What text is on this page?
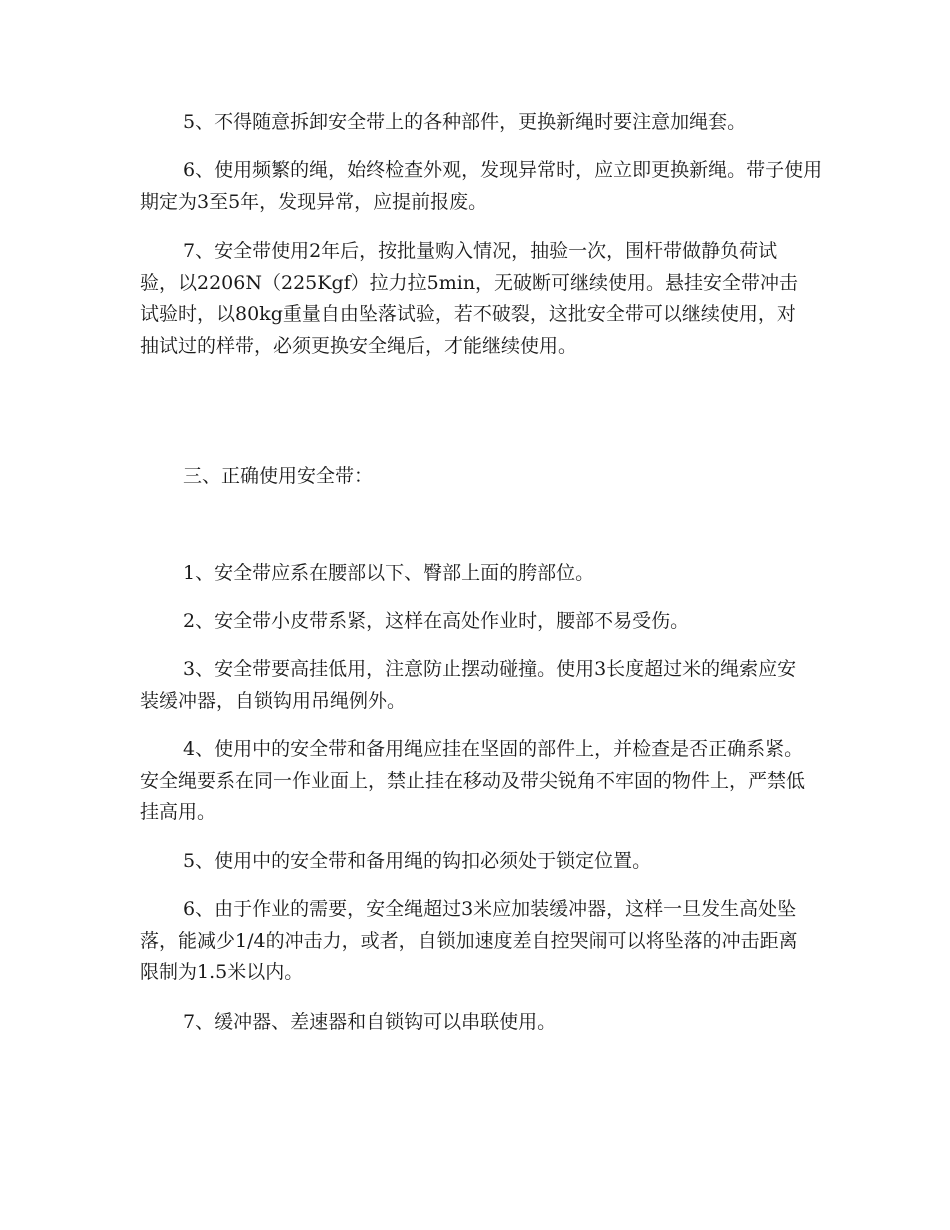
5、不得随意拆卸安全带上的各种部件，更换新绳时要注意加绳套。

6、使用频繁的绳，始终检查外观，发现异常时，应立即更换新绳。带子使用期定为3至5年，发现异常，应提前报废。

7、安全带使用2年后，按批量购入情况，抽验一次，围杆带做静负荷试验，以2206N（225Kgf）拉力拉5min，无破断可继续使用。悬挂安全带冲击试验时，以80kg重量自由坠落试验，若不破裂，这批安全带可以继续使用，对抽试过的样带，必须更换安全绳后，才能继续使用。

三、正确使用安全带：

1、安全带应系在腰部以下、臀部上面的胯部位。

2、安全带小皮带系紧，这样在高处作业时，腰部不易受伤。

3、安全带要高挂低用，注意防止摆动碰撞。使用3长度超过米的绳索应安装缓冲器，自锁钩用吊绳例外。

4、使用中的安全带和备用绳应挂在坚固的部件上，并检查是否正确系紧。安全绳要系在同一作业面上，禁止挂在移动及带尖锐角不牢固的物件上，严禁低挂高用。

5、使用中的安全带和备用绳的钩扣必须处于锁定位置。

6、由于作业的需要，安全绳超过3米应加装缓冲器，这样一旦发生高处坠落，能减少1/4的冲击力，或者，自锁加速度差自控哭闹可以将坠落的冲击距离限制为1.5米以内。

7、缓冲器、差速器和自锁钩可以串联使用。
